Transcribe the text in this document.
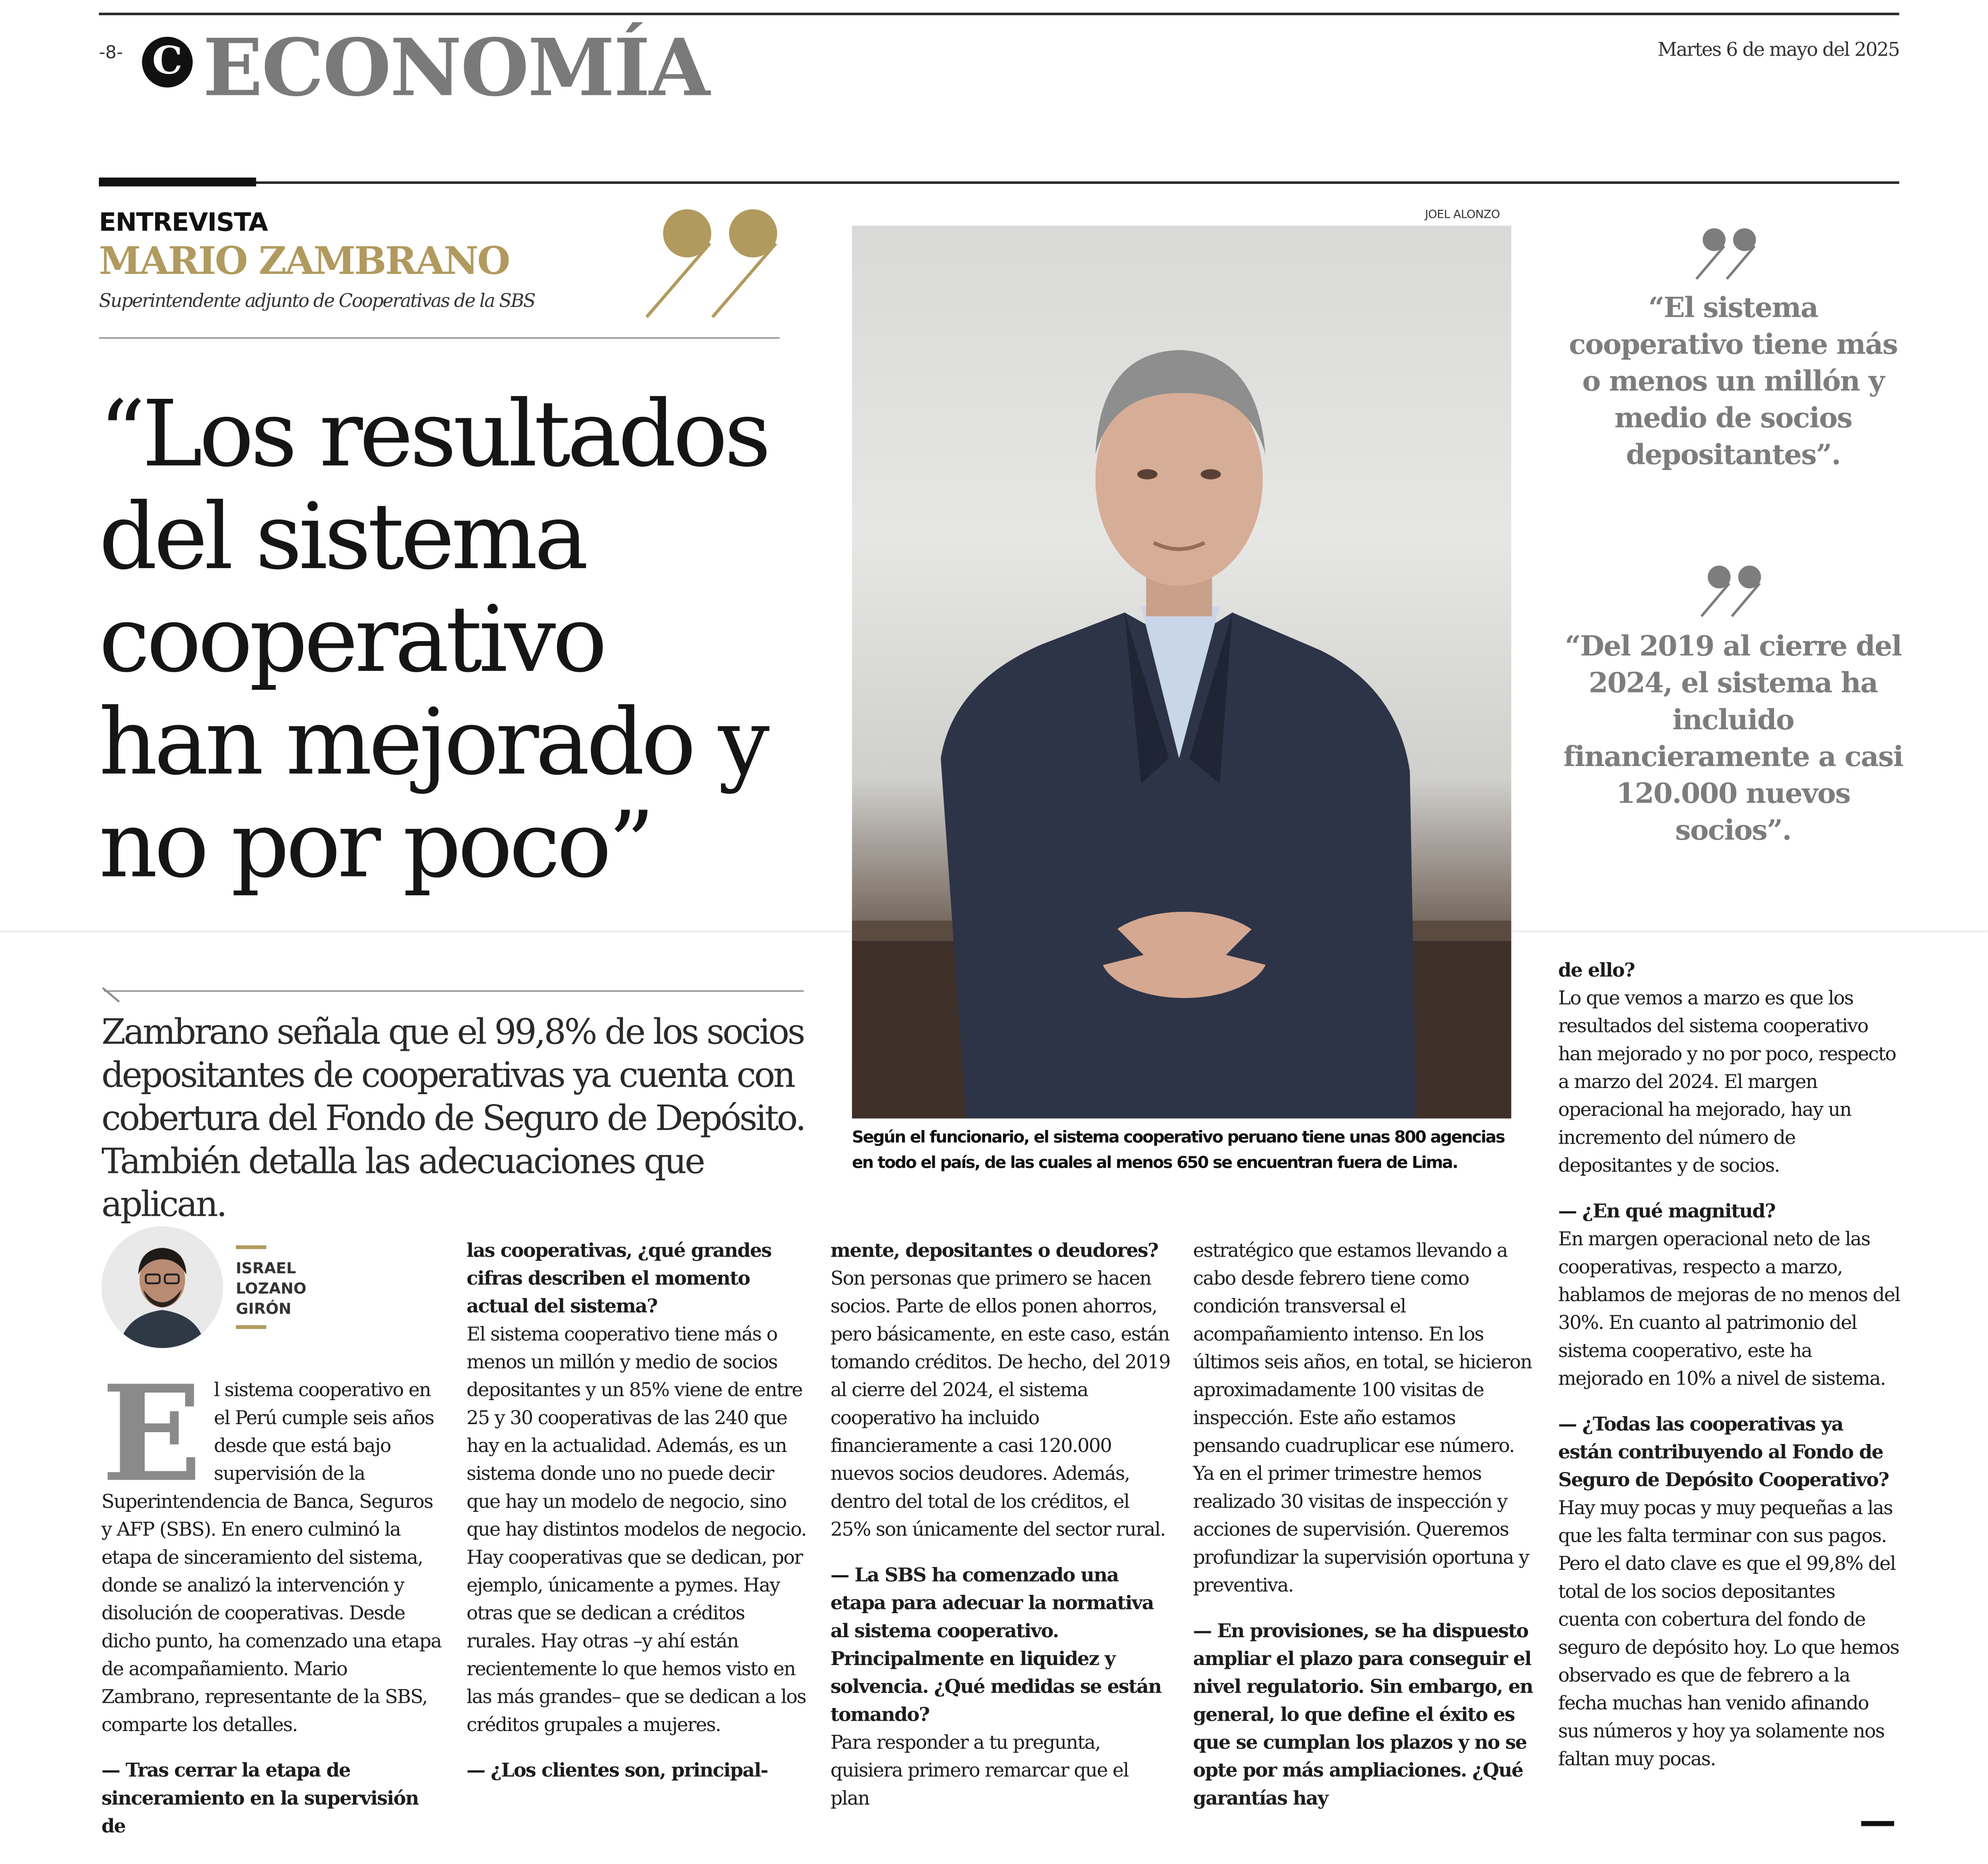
-8-	C ECONOMÍA	Martes 6 de mayo del 2025
ENTREVISTA
MARIO ZAMBRANO
Superintendente adjunto de Cooperativas de la SBS
“Los resultados del sistema cooperativo han mejorado y no por poco”
JOEL ALONZO
Según el funcionario, el sistema cooperativo peruano tiene unas 800 agencias en todo el país, de las cuales al menos 650 se encuentran fuera de Lima.
“El sistema cooperativo tiene más o menos un millón y medio de socios depositantes”.
“Del 2019 al cierre del 2024, el sistema ha incluido financieramente a casi 120.000 nuevos socios”.
Zambrano señala que el 99,8% de los socios depositantes de cooperativas ya cuenta con cobertura del Fondo de Seguro de Depósito. También detalla las adecuaciones que aplican.
ISRAEL
LOZANO
GIRÓN
E	l sistema cooperativo en el Perú cumple seis años desde que está bajo supervisión de la Superintendencia de Banca, Seguros y AFP (SBS). En enero culminó la etapa de sinceramiento del sistema, donde se analizó la intervención y disolución de cooperativas. Desde dicho punto, ha comenzado una etapa de acompañamiento. Mario Zambrano, representante de la SBS, comparte los detalles.

— Tras cerrar la etapa de sinceramiento en la supervisión de

las cooperativas, ¿qué grandes cifras describen el momento actual del sistema?

El sistema cooperativo tiene más o menos un millón y medio de socios depositantes y un 85% viene de entre 25 y 30 cooperativas de las 240 que hay en la actualidad. Además, es un sistema donde uno no puede decir que hay un modelo de negocio, sino que hay distintos modelos de negocio. Hay cooperativas que se dedican, por ejemplo, únicamente a pymes. Hay otras que se dedican a créditos rurales. Hay otras –y ahí están recientemente lo que hemos visto en las más grandes– que se dedican a los créditos grupales a mujeres.

— ¿Los clientes son, principal-

mente, depositantes o deudores?

Son personas que primero se hacen socios. Parte de ellos ponen ahorros, pero básicamente, en este caso, están tomando créditos. De hecho, del 2019 al cierre del 2024, el sistema cooperativo ha incluido financieramente a casi 120.000 nuevos socios deudores. Además, dentro del total de los créditos, el 25% son únicamente del sector rural.

— La SBS ha comenzado una etapa para adecuar la normativa al sistema cooperativo. Principalmente en liquidez y solvencia. ¿Qué medidas se están tomando?

Para responder a tu pregunta, quisiera primero remarcar que el plan

estratégico que estamos llevando a cabo desde febrero tiene como condición transversal el acompañamiento intenso. En los últimos seis años, en total, se hicieron aproximadamente 100 visitas de inspección. Este año estamos pensando cuadruplicar ese número. Ya en el primer trimestre hemos realizado 30 visitas de inspección y acciones de supervisión. Queremos profundizar la supervisión oportuna y preventiva.

— En provisiones, se ha dispuesto ampliar el plazo para conseguir el nivel regulatorio. Sin embargo, en general, lo que define el éxito es que se cumplan los plazos y no se opte por más ampliaciones. ¿Qué garantías hay

de ello?

Lo que vemos a marzo es que los resultados del sistema cooperativo han mejorado y no por poco, respecto a marzo del 2024. El margen operacional ha mejorado, hay un incremento del número de depositantes y de socios.

— ¿En qué magnitud?

En margen operacional neto de las cooperativas, respecto a marzo, hablamos de mejoras de no menos del 30%. En cuanto al patrimonio del sistema cooperativo, este ha mejorado en 10% a nivel de sistema.

— ¿Todas las cooperativas ya están contribuyendo al Fondo de Seguro de Depósito Cooperativo?

Hay muy pocas y muy pequeñas a las que les falta terminar con sus pagos. Pero el dato clave es que el 99,8% del total de los socios depositantes cuenta con cobertura del fondo de seguro de depósito hoy. Lo que hemos observado es que de febrero a la fecha muchas han venido afinando sus números y hoy ya solamente nos faltan muy pocas.
